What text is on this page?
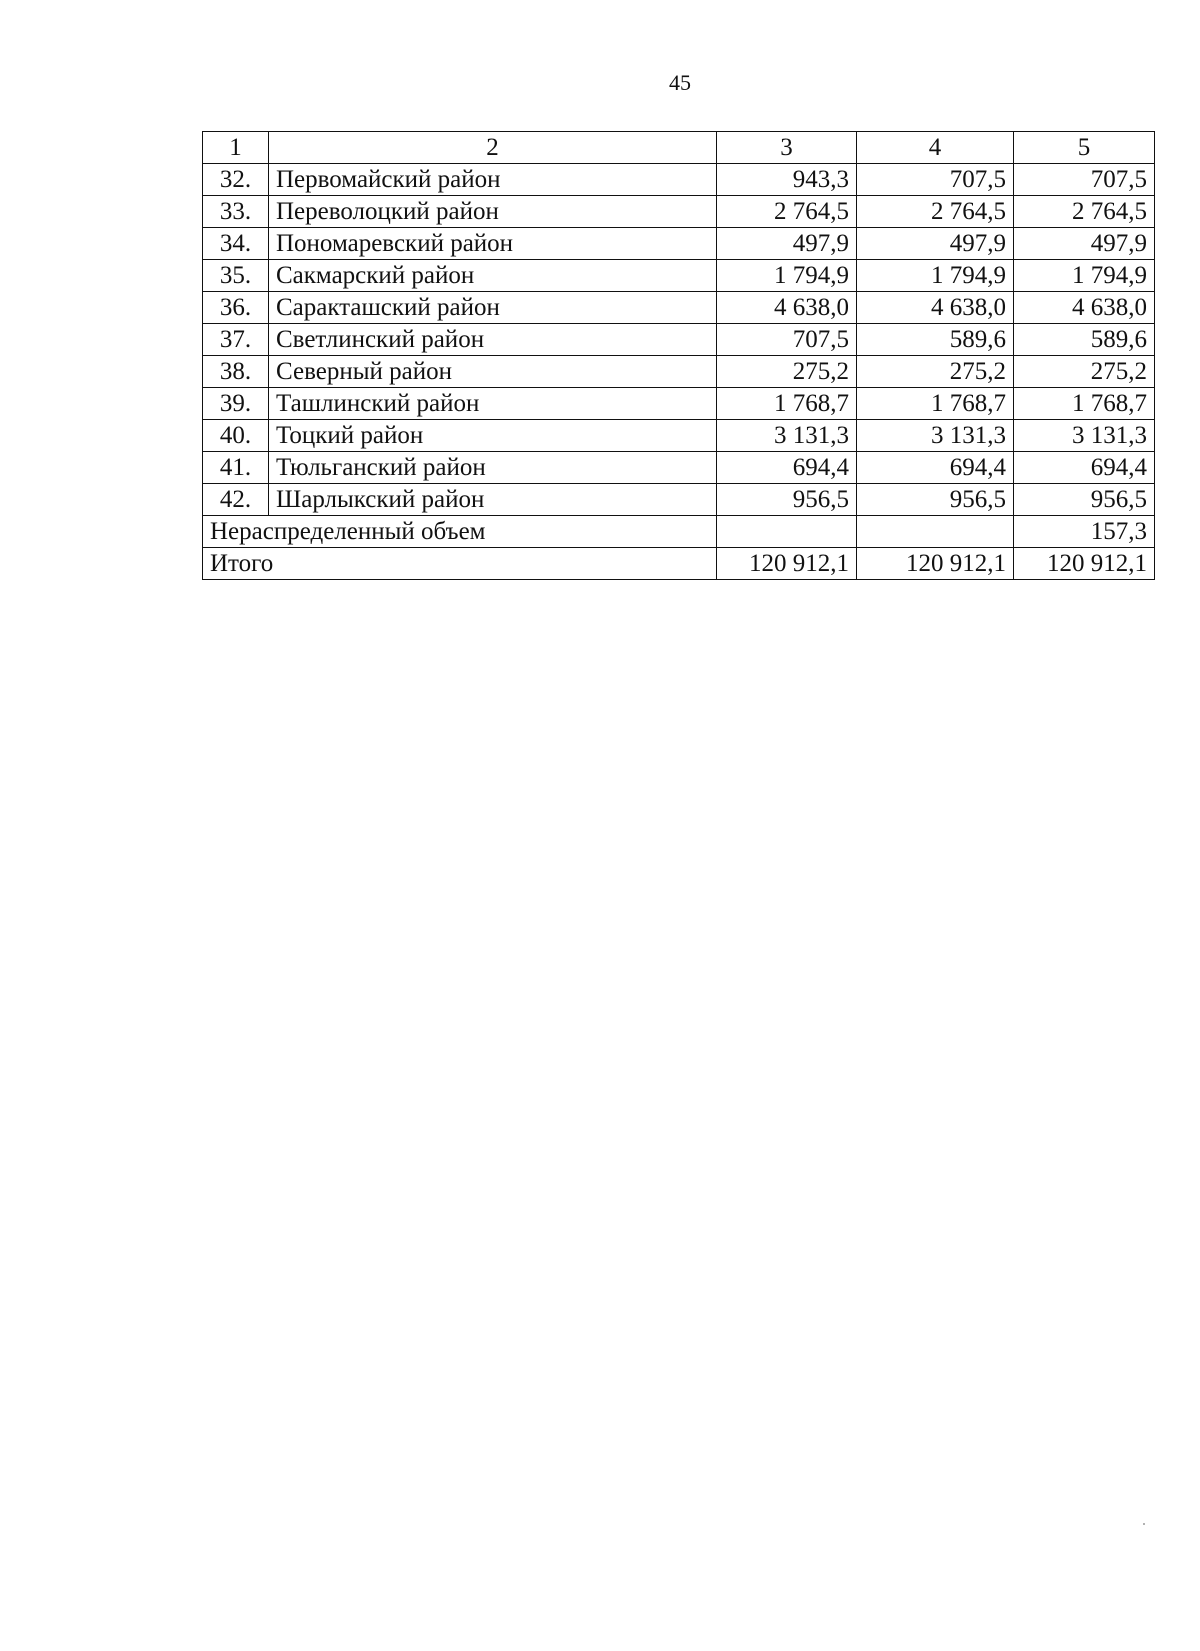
45
1	2	3	4	5
32.	Первомайский район	943,3	707,5	707,5
33.	Переволоцкий район	2 764,5	2 764,5	2 764,5
34.	Пономаревский район	497,9	497,9	497,9
35.	Сакмарский район	1 794,9	1 794,9	1 794,9
36.	Саракташский район	4 638,0	4 638,0	4 638,0
37.	Светлинский район	707,5	589,6	589,6
38.	Северный район	275,2	275,2	275,2
39.	Ташлинский район	1 768,7	1 768,7	1 768,7
40.	Тоцкий район	3 131,3	3 131,3	3 131,3
41.	Тюльганский район	694,4	694,4	694,4
42.	Шарлыкский район	956,5	956,5	956,5
Нераспределенный объем				157,3
Итого		120 912,1	120 912,1	120 912,1
